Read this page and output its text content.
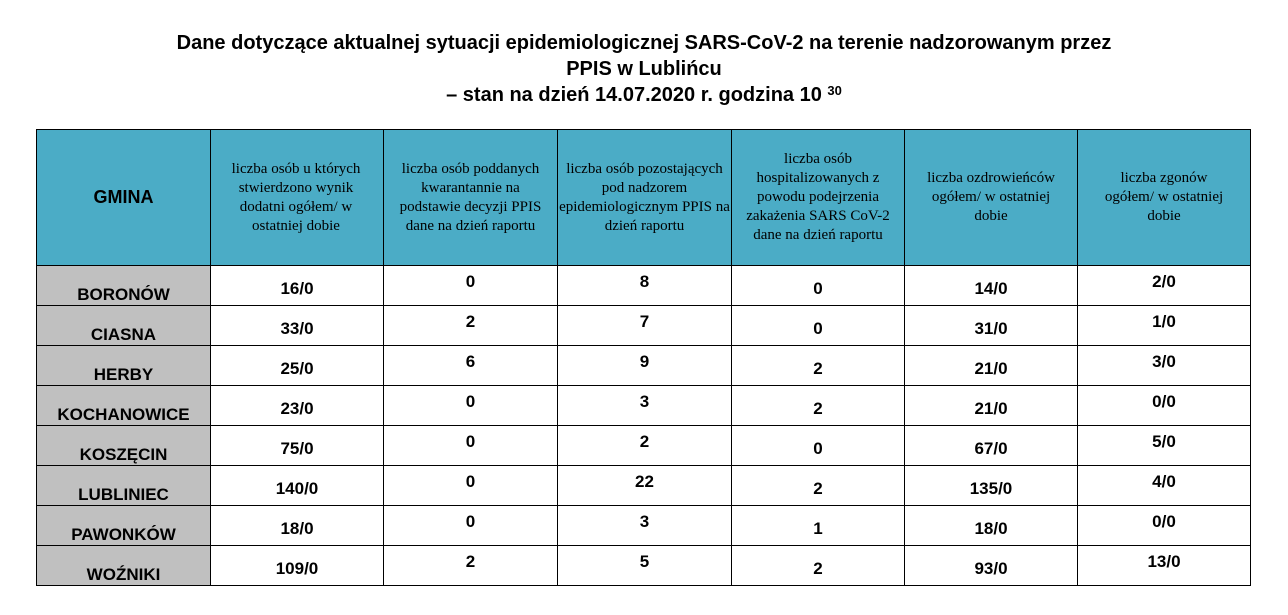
Dane dotyczące aktualnej sytuacji epidemiologicznej SARS-CoV-2 na terenie nadzorowanym przez
PPIS w Lublińcu
– stan na dzień 14.07.2020 r. godzina 10 $^{30}$
GMINA	liczba osób u których stwierdzono wynik dodatni ogółem/ w ostatniej dobie	liczba osób poddanych kwarantannie na podstawie decyzji PPIS dane na dzień raportu	liczba osób pozostających pod nadzorem epidemiologicznym PPIS na dzień raportu	liczba osób hospitalizowanych z powodu podejrzenia zakażenia SARS CoV-2 dane na dzień raportu	liczba ozdrowieńców ogółem/ w ostatniej dobie	liczba zgonów ogółem/ w ostatniej dobie
BORONÓW	16/0	0	8	0	14/0	2/0
CIASNA	33/0	2	7	0	31/0	1/0
HERBY	25/0	6	9	2	21/0	3/0
KOCHANOWICE	23/0	0	3	2	21/0	0/0
KOSZĘCIN	75/0	0	2	0	67/0	5/0
LUBLINIEC	140/0	0	22	2	135/0	4/0
PAWONKÓW	18/0	0	3	1	18/0	0/0
WOŹNIKI	109/0	2	5	2	93/0	13/0
